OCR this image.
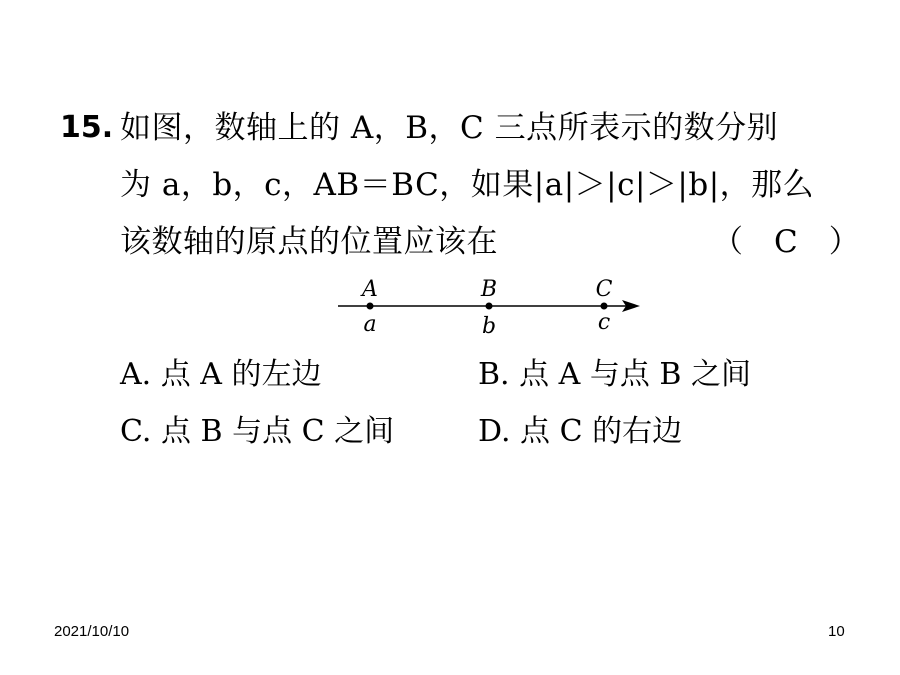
15. 如图，数轴上的 A，B，C 三点所表示的数分别
为 a，b，c，AB＝BC，如果|a|＞|c|＞|b|，那么
该数轴的原点的位置应该在	（　C　）
A	B	C
a	b	c
A. 点 A 的左边	B. 点 A 与点 B 之间
C. 点 B 与点 C 之间	D. 点 C 的右边
2021/10/10	10
